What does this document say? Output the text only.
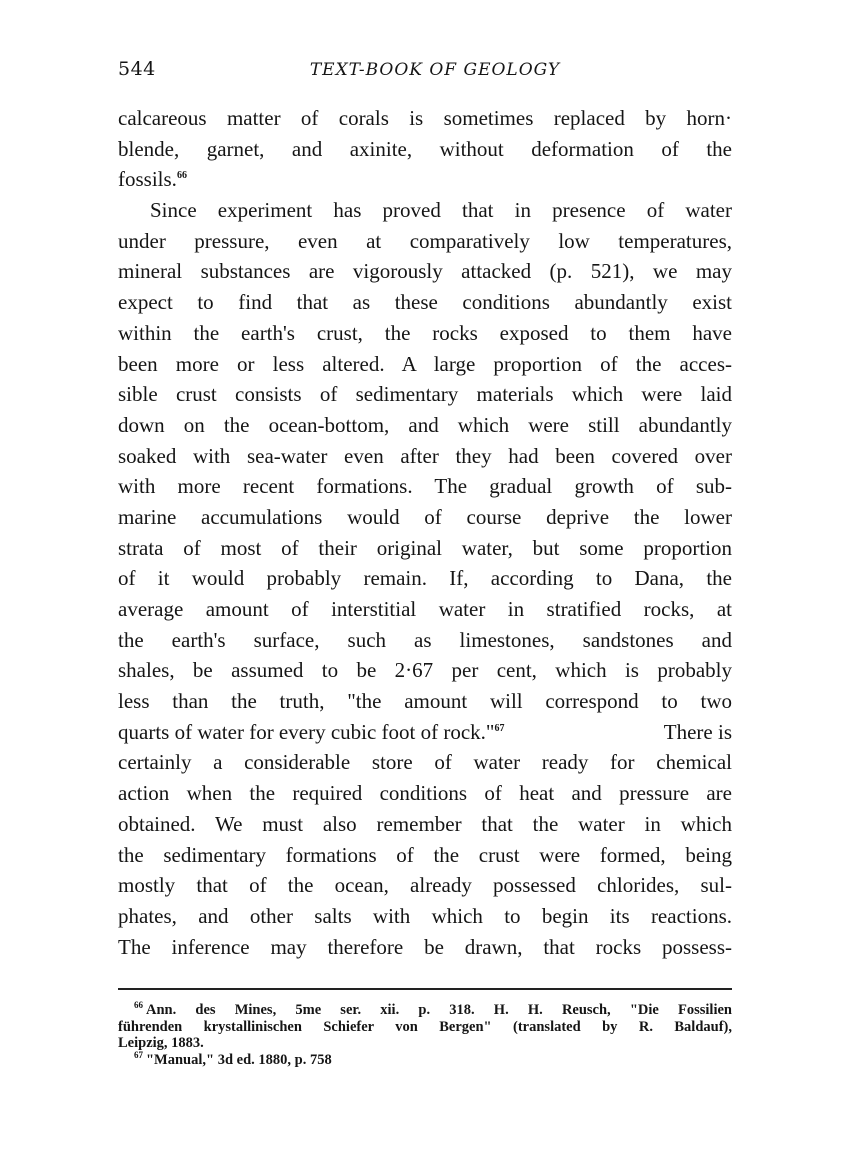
544	TEXT-BOOK OF GEOLOGY
calcareous matter of corals is sometimes replaced by horn·
blende, garnet, and axinite, without deformation of the
fossils.$^{66}$
Since experiment has proved that in presence of water
under pressure, even at comparatively low temperatures,
mineral substances are vigorously attacked (p. 521), we may
expect to find that as these conditions abundantly exist
within the earth's crust, the rocks exposed to them have
been more or less altered. A large proportion of the acces-
sible crust consists of sedimentary materials which were laid
down on the ocean-bottom, and which were still abundantly
soaked with sea-water even after they had been covered over
with more recent formations. The gradual growth of sub-
marine accumulations would of course deprive the lower
strata of most of their original water, but some proportion
of it would probably remain. If, according to Dana, the
average amount of interstitial water in stratified rocks, at
the earth's surface, such as limestones, sandstones and
shales, be assumed to be 2·67 per cent, which is probably
less than the truth, "the amount will correspond to two
quarts of water for every cubic foot of rock."$^{67}$	There is
certainly a considerable store of water ready for chemical
action when the required conditions of heat and pressure are
obtained. We must also remember that the water in which
the sedimentary formations of the crust were formed, being
mostly that of the ocean, already possessed chlorides, sul-
phates, and other salts with which to begin its reactions.
The inference may therefore be drawn, that rocks possess-
$^{66}$ Ann. des Mines, 5me ser. xii. p. 318. H. H. Reusch, "Die Fossilien
führenden krystallinischen Schiefer von Bergen" (translated by R. Baldauf),
Leipzig, 1883.
$^{67}$ "Manual," 3d ed. 1880, p. 758
